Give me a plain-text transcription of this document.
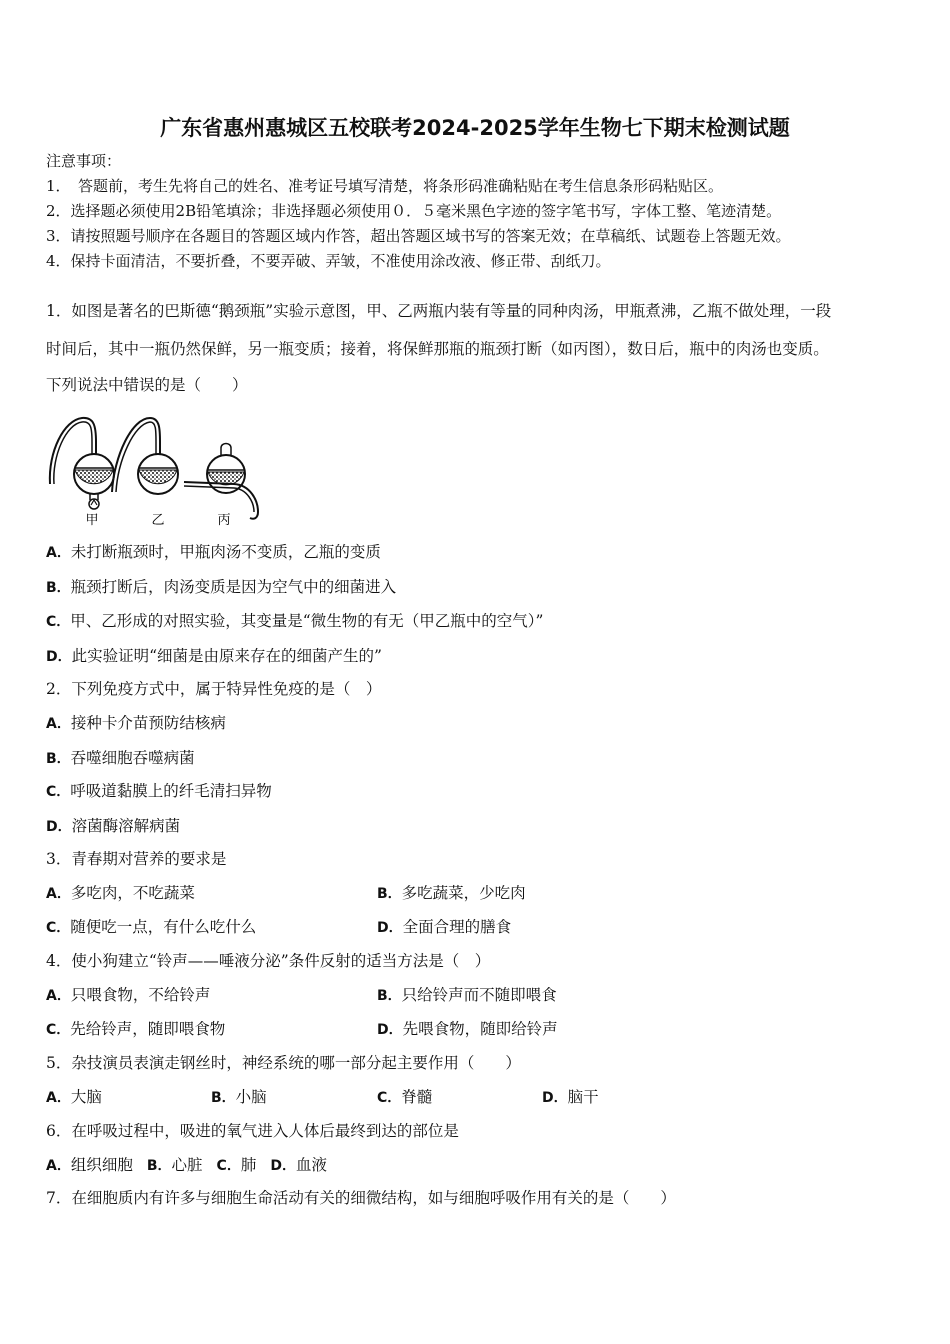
广东省惠州惠城区五校联考2024-2025学年生物七下期末检测试题
注意事项：
1．　答题前，考生先将自己的姓名、准考证号填写清楚，将条形码准确粘贴在考生信息条形码粘贴区。
2．选择题必须使用2B铅笔填涂；非选择题必须使用０．５毫米黑色字迹的签字笔书写，字体工整、笔迹清楚。
3．请按照题号顺序在各题目的答题区域内作答，超出答题区域书写的答案无效；在草稿纸、试题卷上答题无效。
4．保持卡面清洁，不要折叠，不要弄破、弄皱，不准使用涂改液、修正带、刮纸刀。
1．如图是著名的巴斯德“鹅颈瓶”实验示意图，甲、乙两瓶内装有等量的同种肉汤，甲瓶煮沸，乙瓶不做处理，一段
时间后，其中一瓶仍然保鲜，另一瓶变质；接着，将保鲜那瓶的瓶颈打断（如丙图），数日后，瓶中的肉汤也变质。
下列说法中错误的是（　　）
甲	乙	丙
A．未打断瓶颈时，甲瓶肉汤不变质，乙瓶的变质
B．瓶颈打断后，肉汤变质是因为空气中的细菌进入
C．甲、乙形成的对照实验，其变量是“微生物的有无（甲乙瓶中的空气）”
D．此实验证明“细菌是由原来存在的细菌产生的”
2．下列免疫方式中，属于特异性免疫的是（　）
A．接种卡介苗预防结核病
B．吞噬细胞吞噬病菌
C．呼吸道黏膜上的纤毛清扫异物
D．溶菌酶溶解病菌
3．青春期对营养的要求是
A．多吃肉，不吃蔬菜	B．多吃蔬菜，少吃肉
C．随便吃一点，有什么吃什么	D．全面合理的膳食
4．使小狗建立“铃声——唾液分泌”条件反射的适当方法是（　）
A．只喂食物，不给铃声	B．只给铃声而不随即喂食
C．先给铃声，随即喂食物	D．先喂食物，随即给铃声
5．杂技演员表演走钢丝时，神经系统的哪一部分起主要作用（　　）
A．大脑	B．小脑	C．脊髓	D．脑干
6．在呼吸过程中，吸进的氧气进入人体后最终到达的部位是
A．组织细胞 B．心脏 C．肺 D．血液
7．在细胞质内有许多与细胞生命活动有关的细微结构，如与细胞呼吸作用有关的是（　　）
